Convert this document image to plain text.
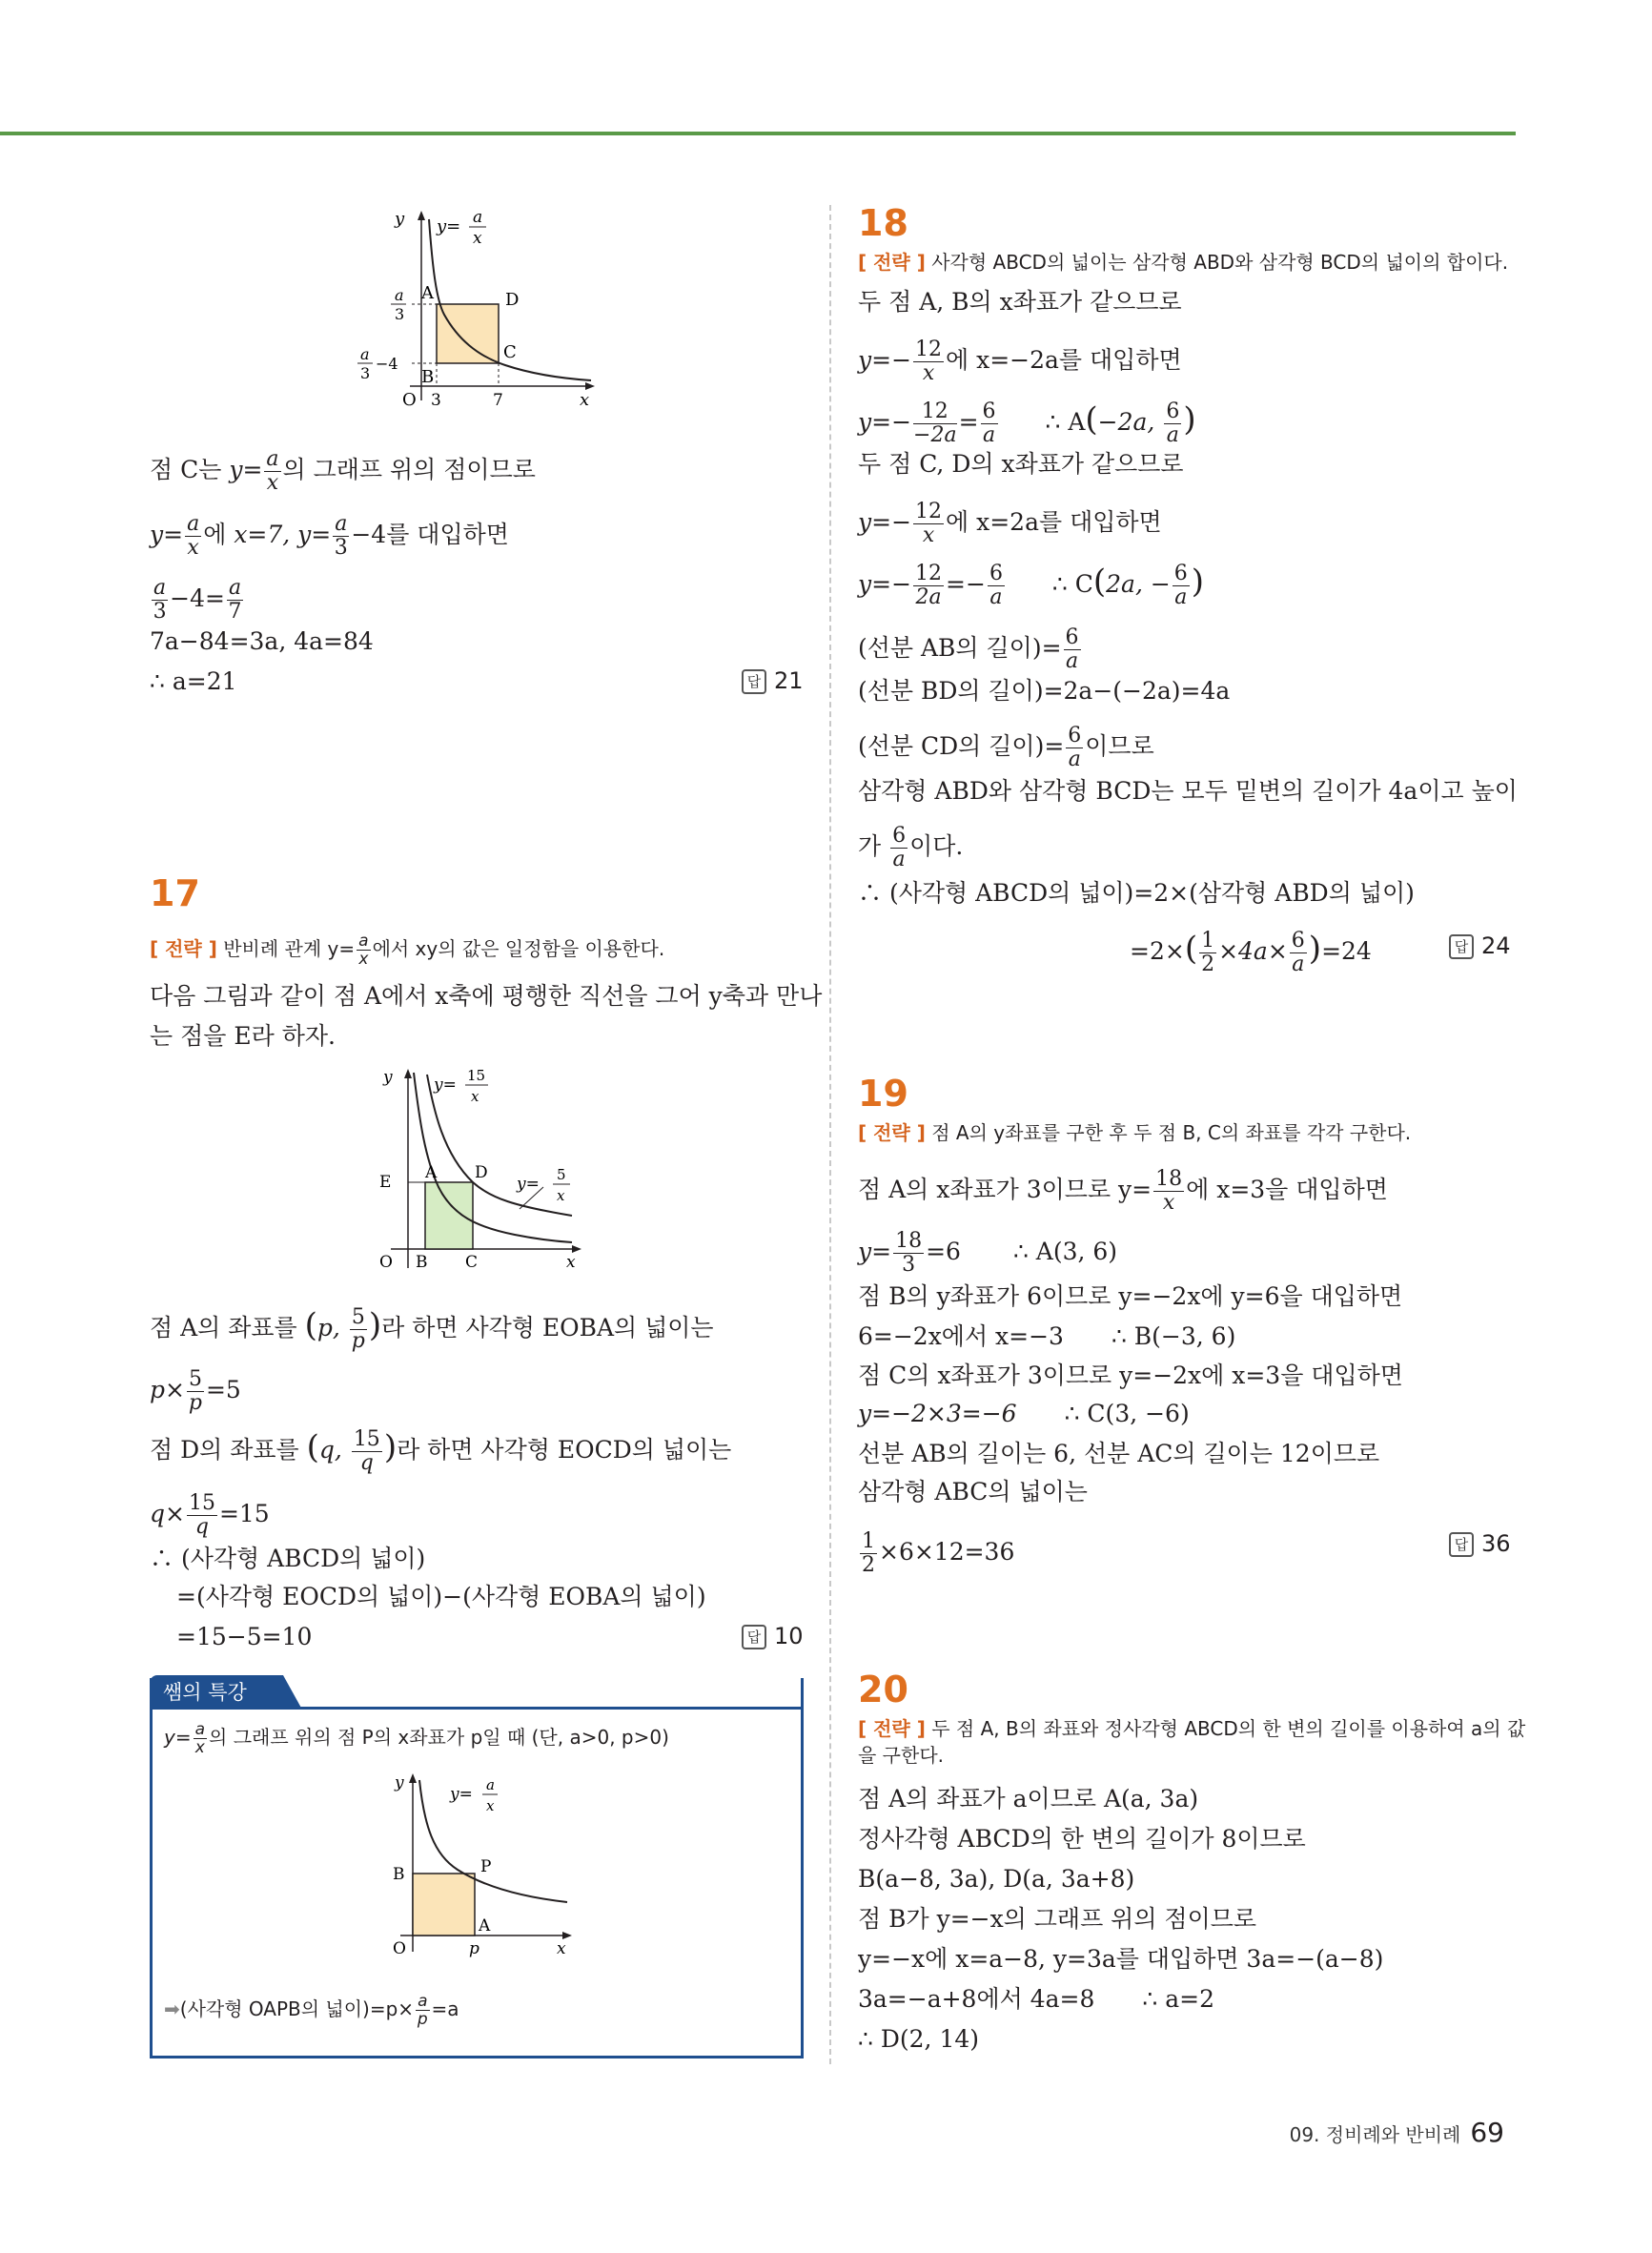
y y= a
x
a
3
a
3
−4
A	D
C
B
O 3	7	x
점 C는 $y= \frac{a}{x}$ 의 그래프 위의 점이므로
$y= \frac{a}{x}$ 에 x=7, $y= \frac{a}{3} -4$를 대입하면
$\frac{a}{3} -4= \frac{a}{7}$
7a−84=3a, 4a=84
∴ a=21	답 21
17
[ 전략 ] 반비례 관계 $y= \frac{a}{x}$ 에서 xy의 값은 일정함을 이용한다.
다음 그림과 같이 점 A에서 x축에 평행한 직선을 그어 y축과 만나
는 점을 E라 하자.
y	y= 15
x
y= 5
x
A D
E
O B C	x
점 A의 좌표를 (p, $\frac{5}{p}$ )라 하면 사각형 EOBA의 넓이는
$p\times \frac{5}{p} =5$
점 D의 좌표를 (q, $\frac{15}{q}$ )라 하면 사각형 EOCD의 넓이는
$q\times \frac{15}{q} =15$
∴ (사각형 ABCD의 넓이)
=(사각형 EOCD의 넓이)−(사각형 EOBA의 넓이)
=15−5=10	답 10
쌤의 특강
$y= \frac{a}{x}$ 의 그래프 위의 점 P의 x좌표가 p일 때 (단, a>0, p>0)
y
y= a
x
B	P
A
O	p	x
➡(사각형 OAPB의 넓이)$=p\times \frac{a}{p} =a$
18
[ 전략 ] 사각형 ABCD의 넓이는 삼각형 ABD와 삼각형 BCD의 넓이의 합이다.
두 점 A, B의 x좌표가 같으므로
$y=- \frac{12}{x}$ 에 x=−2a를 대입하면
$y=- \frac{12}{-2a} = \frac{6}{a}$ ∴ A(−2a, $\frac{6}{a}$ )
두 점 C, D의 x좌표가 같으므로
$y=- \frac{12}{x}$ 에 x=2a를 대입하면
$y=- \frac{12}{2a} =- \frac{6}{a}$ ∴ C(2a, − $\frac{6}{a}$ )
(선분 AB의 길이)= $\frac{6}{a}$
(선분 BD의 길이)=2a−(−2a)=4a
(선분 CD의 길이)= $\frac{6}{a}$ 이므로
삼각형 ABD와 삼각형 BCD는 모두 밑변의 길이가 4a이고 높이
가 $\frac{6}{a}$ 이다.
∴ (사각형 ABCD의 넓이)=2×(삼각형 ABD의 넓이)
$=2\times( \frac{1}{2} \times 4a\times \frac{6}{a} )=24$	답 24
19
[ 전략 ] 점 A의 y좌표를 구한 후 두 점 B, C의 좌표를 각각 구한다.
점 A의 x좌표가 3이므로 $y= \frac{18}{x}$ 에 x=3을 대입하면
$y= \frac{18}{3} =6$ ∴ A(3, 6)
점 B의 y좌표가 6이므로 y=−2x에 y=6을 대입하면
6=−2x에서 x=−3 ∴ B(−3, 6)
점 C의 x좌표가 3이므로 y=−2x에 x=3을 대입하면
y=−2×3=−6 ∴ C(3, −6)
선분 AB의 길이는 6, 선분 AC의 길이는 12이므로
삼각형 ABC의 넓이는
$\frac{1}{2} \times 6\times 12=36$	답 36
20
[ 전략 ] 두 점 A, B의 좌표와 정사각형 ABCD의 한 변의 길이를 이용하여 a의 값
을 구한다.
점 A의 좌표가 a이므로 A(a, 3a)
정사각형 ABCD의 한 변의 길이가 8이므로
B(a−8, 3a), D(a, 3a+8)
점 B가 y=−x의 그래프 위의 점이므로
y=−x에 x=a−8, y=3a를 대입하면 3a=−(a−8)
3a=−a+8에서 4a=8 ∴ a=2
∴ D(2, 14)
09. 정비례와 반비례 69
